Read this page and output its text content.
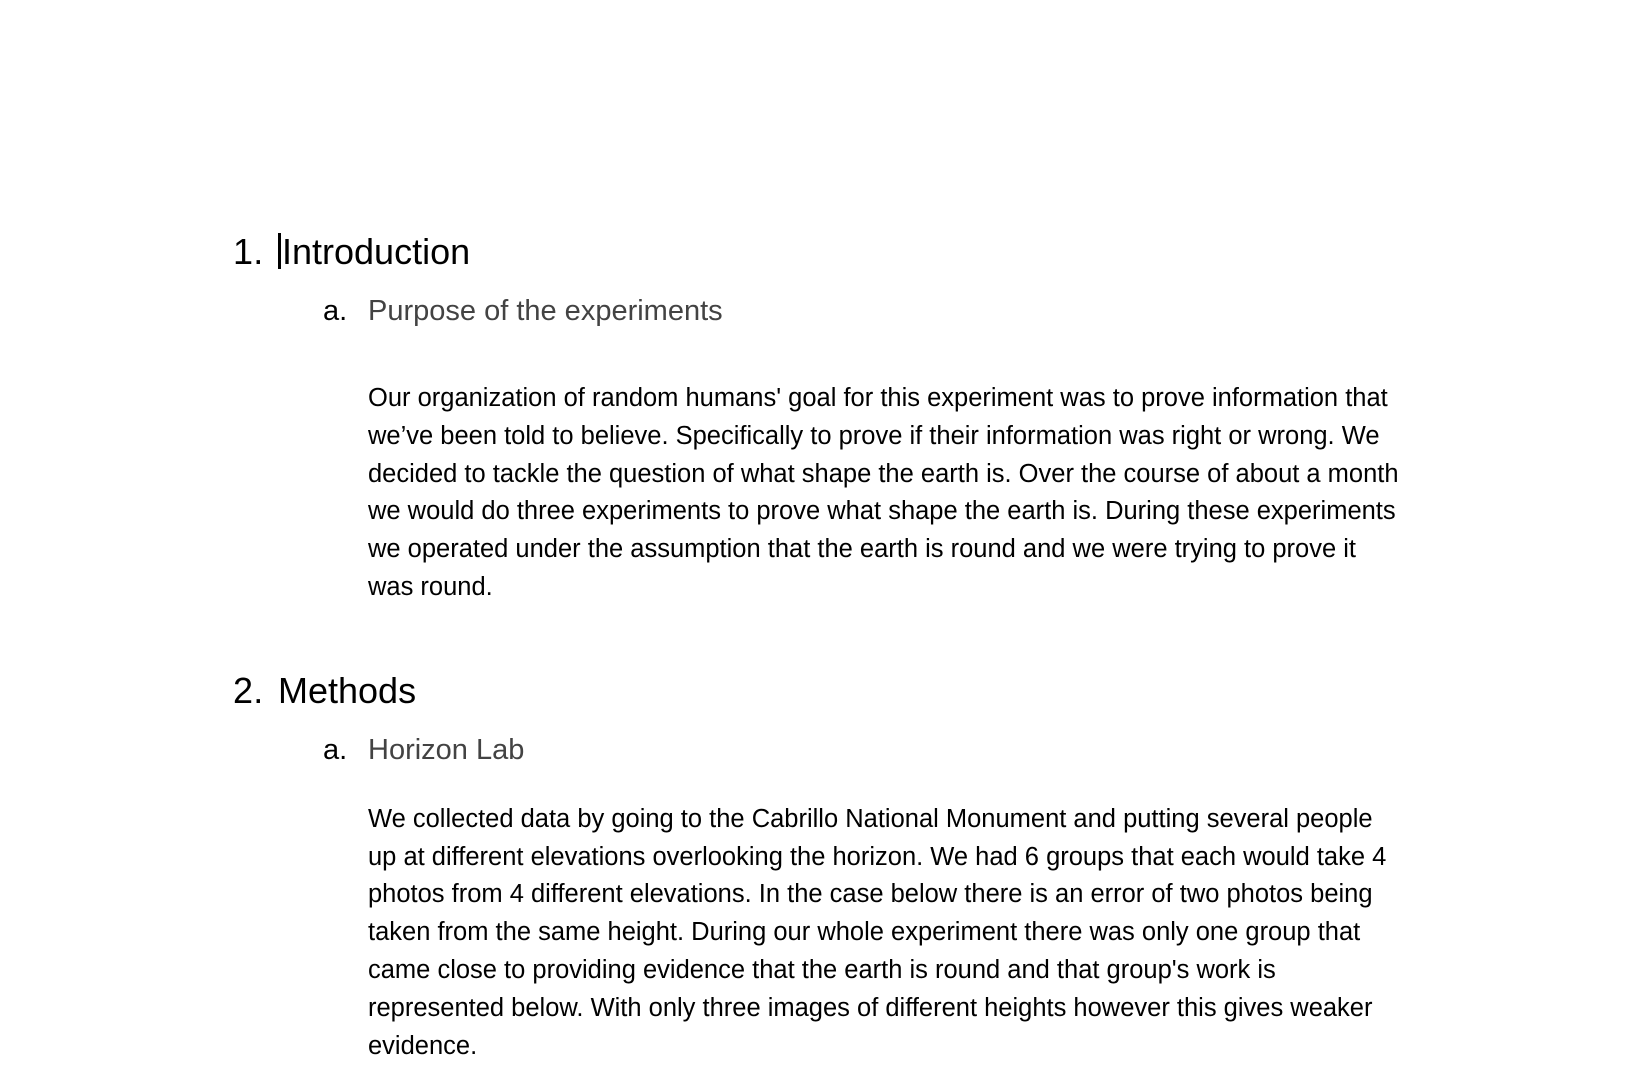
1. Introduction
a. Purpose of the experiments

Our organization of random humans' goal for this experiment was to prove information that we’ve been told to believe. Specifically to prove if their information was right or wrong. We decided to tackle the question of what shape the earth is. Over the course of about a month we would do three experiments to prove what shape the earth is. During these experiments we operated under the assumption that the earth is round and we were trying to prove it was round.

2. Methods
a. Horizon Lab

We collected data by going to the Cabrillo National Monument and putting several people up at different elevations overlooking the horizon. We had 6 groups that each would take 4 photos from 4 different elevations. In the case below there is an error of two photos being taken from the same height. During our whole experiment there was only one group that came close to providing evidence that the earth is round and that group's work is represented below. With only three images of different heights however this gives weaker evidence.
